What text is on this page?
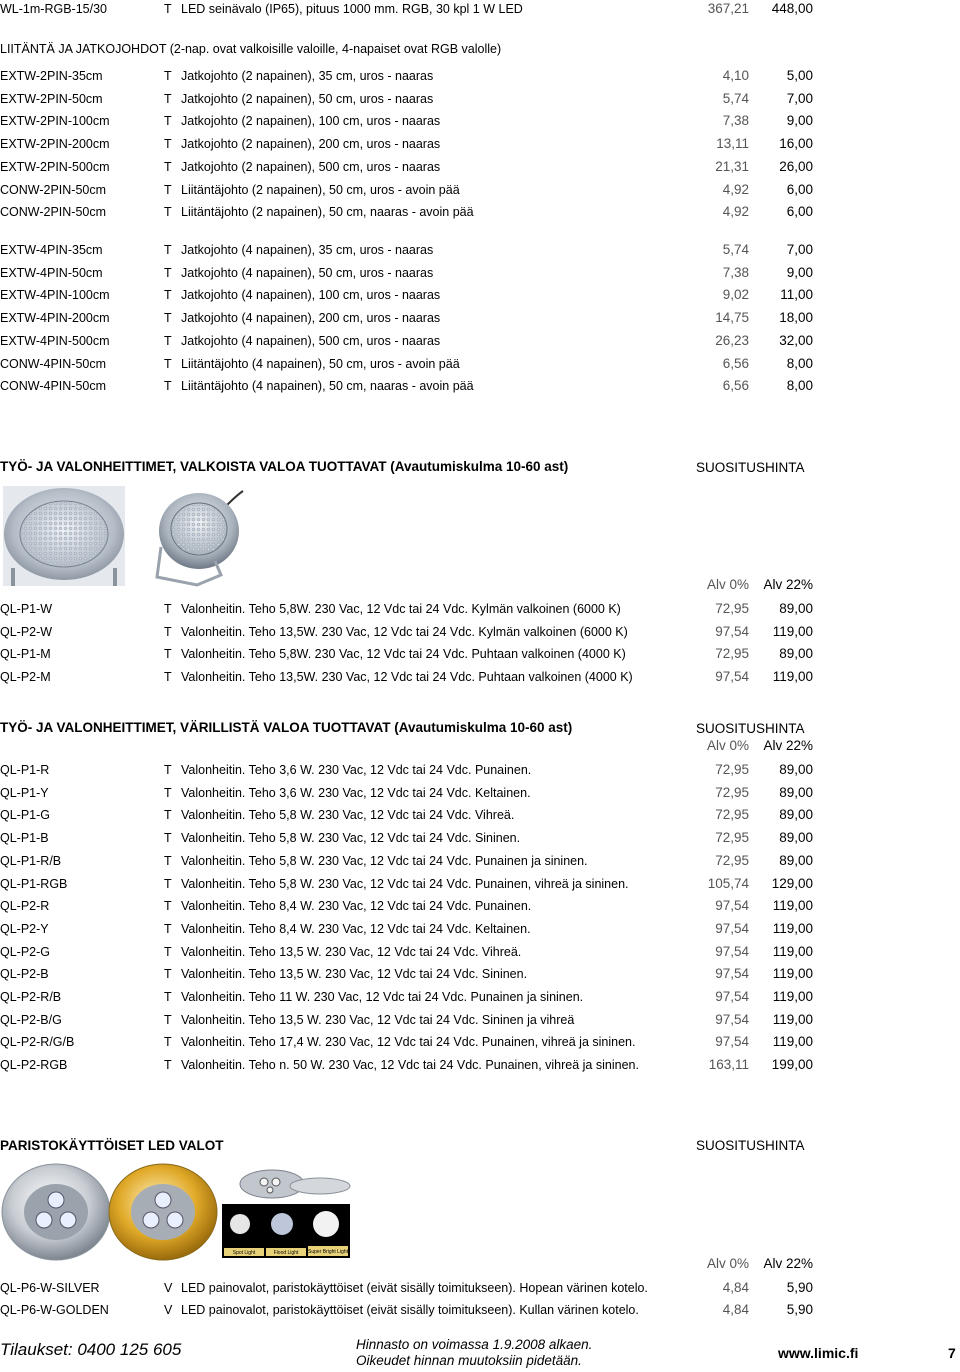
WL-1m-RGB-15/30	T LED seinävalo (IP65), pituus 1000 mm. RGB, 30 kpl 1 W LED	367,21 448,00
LIITÄNTÄ JA JATKOJOHDOT (2-nap. ovat valkoisille valoille, 4-napaiset ovat RGB valolle)
EXTW-2PIN-35cm	T Jatkojohto (2 napainen), 35 cm, uros - naaras	4,10	5,00
EXTW-2PIN-50cm	T Jatkojohto (2 napainen), 50 cm, uros - naaras	5,74	7,00
EXTW-2PIN-100cm	T Jatkojohto (2 napainen), 100 cm, uros - naaras	7,38	9,00
EXTW-2PIN-200cm	T Jatkojohto (2 napainen), 200 cm, uros - naaras	13,11 16,00
EXTW-2PIN-500cm	T Jatkojohto (2 napainen), 500 cm, uros - naaras	21,31 26,00
CONW-2PIN-50cm	T Liitäntäjohto (2 napainen), 50 cm, uros - avoin pää	4,92	6,00
CONW-2PIN-50cm	T Liitäntäjohto (2 napainen), 50 cm, naaras - avoin pää	4,92	6,00
EXTW-4PIN-35cm	T Jatkojohto (4 napainen), 35 cm, uros - naaras	5,74	7,00
EXTW-4PIN-50cm	T Jatkojohto (4 napainen), 50 cm, uros - naaras	7,38	9,00
EXTW-4PIN-100cm	T Jatkojohto (4 napainen), 100 cm, uros - naaras	9,02 11,00
EXTW-4PIN-200cm	T Jatkojohto (4 napainen), 200 cm, uros - naaras	14,75 18,00
EXTW-4PIN-500cm	T Jatkojohto (4 napainen), 500 cm, uros - naaras	26,23 32,00
CONW-4PIN-50cm	T Liitäntäjohto (4 napainen), 50 cm, uros - avoin pää	6,56	8,00
CONW-4PIN-50cm	T Liitäntäjohto (4 napainen), 50 cm, naaras - avoin pää	6,56	8,00
TYÖ- JA VALONHEITTIMET, VALKOISTA VALOA TUOTTAVAT (Avautumiskulma 10-60 ast)	SUOSITUSHINTA
Alv 0% Alv 22%
QL-P1-W	T Valonheitin. Teho 5,8W. 230 Vac, 12 Vdc tai 24 Vdc. Kylmän valkoinen (6000 K)	72,95 89,00
QL-P2-W	T Valonheitin. Teho 13,5W. 230 Vac, 12 Vdc tai 24 Vdc. Kylmän valkoinen (6000 K)	97,54 119,00
QL-P1-M	T Valonheitin. Teho 5,8W. 230 Vac, 12 Vdc tai 24 Vdc. Puhtaan valkoinen (4000 K)	72,95 89,00
QL-P2-M	T Valonheitin. Teho 13,5W. 230 Vac, 12 Vdc tai 24 Vdc. Puhtaan valkoinen (4000 K)	97,54 119,00
TYÖ- JA VALONHEITTIMET, VÄRILLISTÄ VALOA TUOTTAVAT (Avautumiskulma 10-60 ast)	SUOSITUSHINTA
Alv 0% Alv 22%
QL-P1-R	T Valonheitin. Teho 3,6 W. 230 Vac, 12 Vdc tai 24 Vdc. Punainen.	72,95 89,00
QL-P1-Y	T Valonheitin. Teho 3,6 W. 230 Vac, 12 Vdc tai 24 Vdc. Keltainen.	72,95 89,00
QL-P1-G	T Valonheitin. Teho 5,8 W. 230 Vac, 12 Vdc tai 24 Vdc. Vihreä.	72,95 89,00
QL-P1-B	T Valonheitin. Teho 5,8 W. 230 Vac, 12 Vdc tai 24 Vdc. Sininen.	72,95 89,00
QL-P1-R/B	T Valonheitin. Teho 5,8 W. 230 Vac, 12 Vdc tai 24 Vdc. Punainen ja sininen.	72,95 89,00
QL-P1-RGB	T Valonheitin. Teho 5,8 W. 230 Vac, 12 Vdc tai 24 Vdc. Punainen, vihreä ja sininen.	105,74 129,00
QL-P2-R	T Valonheitin. Teho 8,4 W. 230 Vac, 12 Vdc tai 24 Vdc. Punainen.	97,54 119,00
QL-P2-Y	T Valonheitin. Teho 8,4 W. 230 Vac, 12 Vdc tai 24 Vdc. Keltainen.	97,54 119,00
QL-P2-G	T Valonheitin. Teho 13,5 W. 230 Vac, 12 Vdc tai 24 Vdc. Vihreä.	97,54 119,00
QL-P2-B	T Valonheitin. Teho 13,5 W. 230 Vac, 12 Vdc tai 24 Vdc. Sininen.	97,54 119,00
QL-P2-R/B	T Valonheitin. Teho 11 W. 230 Vac, 12 Vdc tai 24 Vdc. Punainen ja sininen.	97,54 119,00
QL-P2-B/G	T Valonheitin. Teho 13,5 W. 230 Vac, 12 Vdc tai 24 Vdc. Sininen ja vihreä	97,54 119,00
QL-P2-R/G/B	T Valonheitin. Teho 17,4 W. 230 Vac, 12 Vdc tai 24 Vdc. Punainen, vihreä ja sininen.	97,54 119,00
QL-P2-RGB	T Valonheitin. Teho n. 50 W. 230 Vac, 12 Vdc tai 24 Vdc. Punainen, vihreä ja sininen.	163,11 199,00
PARISTOKÄYTTÖISET LED VALOT	SUOSITUSHINTA
Spot Light	Flood Light Super Bright Light
Alv 0% Alv 22%
QL-P6-W-SILVER	V LED painovalot, paristokäyttöiset (eivät sisälly toimitukseen). Hopean värinen kotelo.	4,84	5,90
QL-P6-W-GOLDEN	V LED painovalot, paristokäyttöiset (eivät sisälly toimitukseen). Kullan värinen kotelo.	4,84	5,90
Tilaukset: 0400 125 605	Hinnasto on voimassa 1.9.2008 alkaen.
Oikeudet hinnan muutoksiin pidetään.	www.limic.fi	7
